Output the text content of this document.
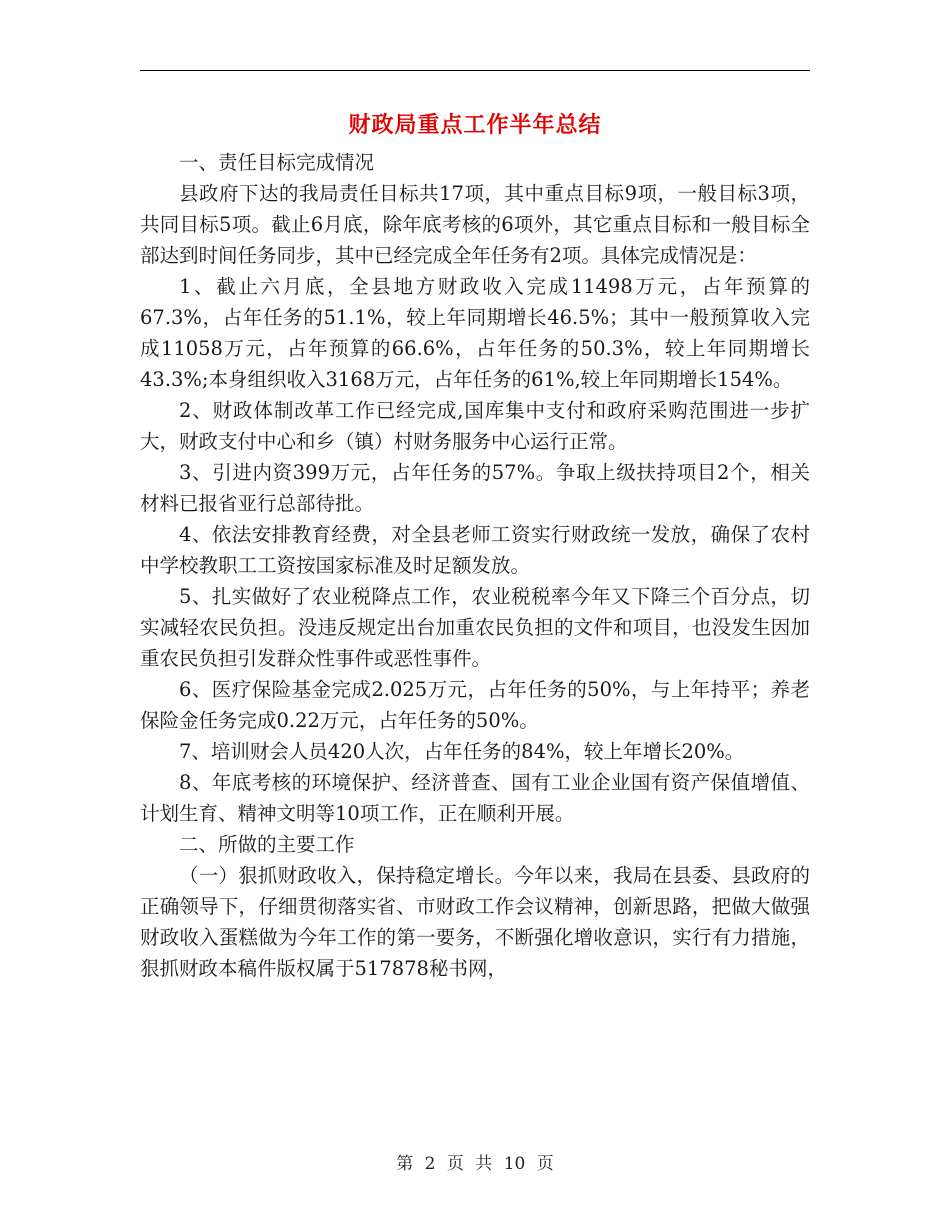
财政局重点工作半年总结

一、责任目标完成情况

县政府下达的我局责任目标共17项，其中重点目标9项，一般目标3项，共同目标5项。截止6月底，除年底考核的6项外，其它重点目标和一般目标全部达到时间任务同步，其中已经完成全年任务有2项。具体完成情况是：

1、截止六月底，全县地方财政收入完成11498万元，占年预算的67.3%，占年任务的51.1%，较上年同期增长46.5%；其中一般预算收入完成11058万元，占年预算的66.6%，占年任务的50.3%，较上年同期增长43.3%;本身组织收入3168万元，占年任务的61%,较上年同期增长154%。

2、财政体制改革工作已经完成,国库集中支付和政府采购范围进一步扩大，财政支付中心和乡（镇）村财务服务中心运行正常。

3、引进内资399万元，占年任务的57%。争取上级扶持项目2个，相关材料已报省亚行总部待批。

4、依法安排教育经费，对全县老师工资实行财政统一发放，确保了农村中学校教职工工资按国家标准及时足额发放。

5、扎实做好了农业税降点工作，农业税税率今年又下降三个百分点，切实减轻农民负担。没违反规定出台加重农民负担的文件和项目，也没发生因加重农民负担引发群众性事件或恶性事件。

6、医疗保险基金完成2.025万元，占年任务的50%，与上年持平；养老保险金任务完成0.22万元，占年任务的50%。

7、培训财会人员420人次，占年任务的84%，较上年增长20%。

8、年底考核的环境保护、经济普查、国有工业企业国有资产保值增值、计划生育、精神文明等10项工作，正在顺利开展。

二、所做的主要工作

（一）狠抓财政收入，保持稳定增长。今年以来，我局在县委、县政府的正确领导下，仔细贯彻落实省、市财政工作会议精神，创新思路，把做大做强财政收入蛋糕做为今年工作的第一要务，不断强化增收意识，实行有力措施，狠抓财政本稿件版权属于517878秘书网，

第 2 页 共 10 页
